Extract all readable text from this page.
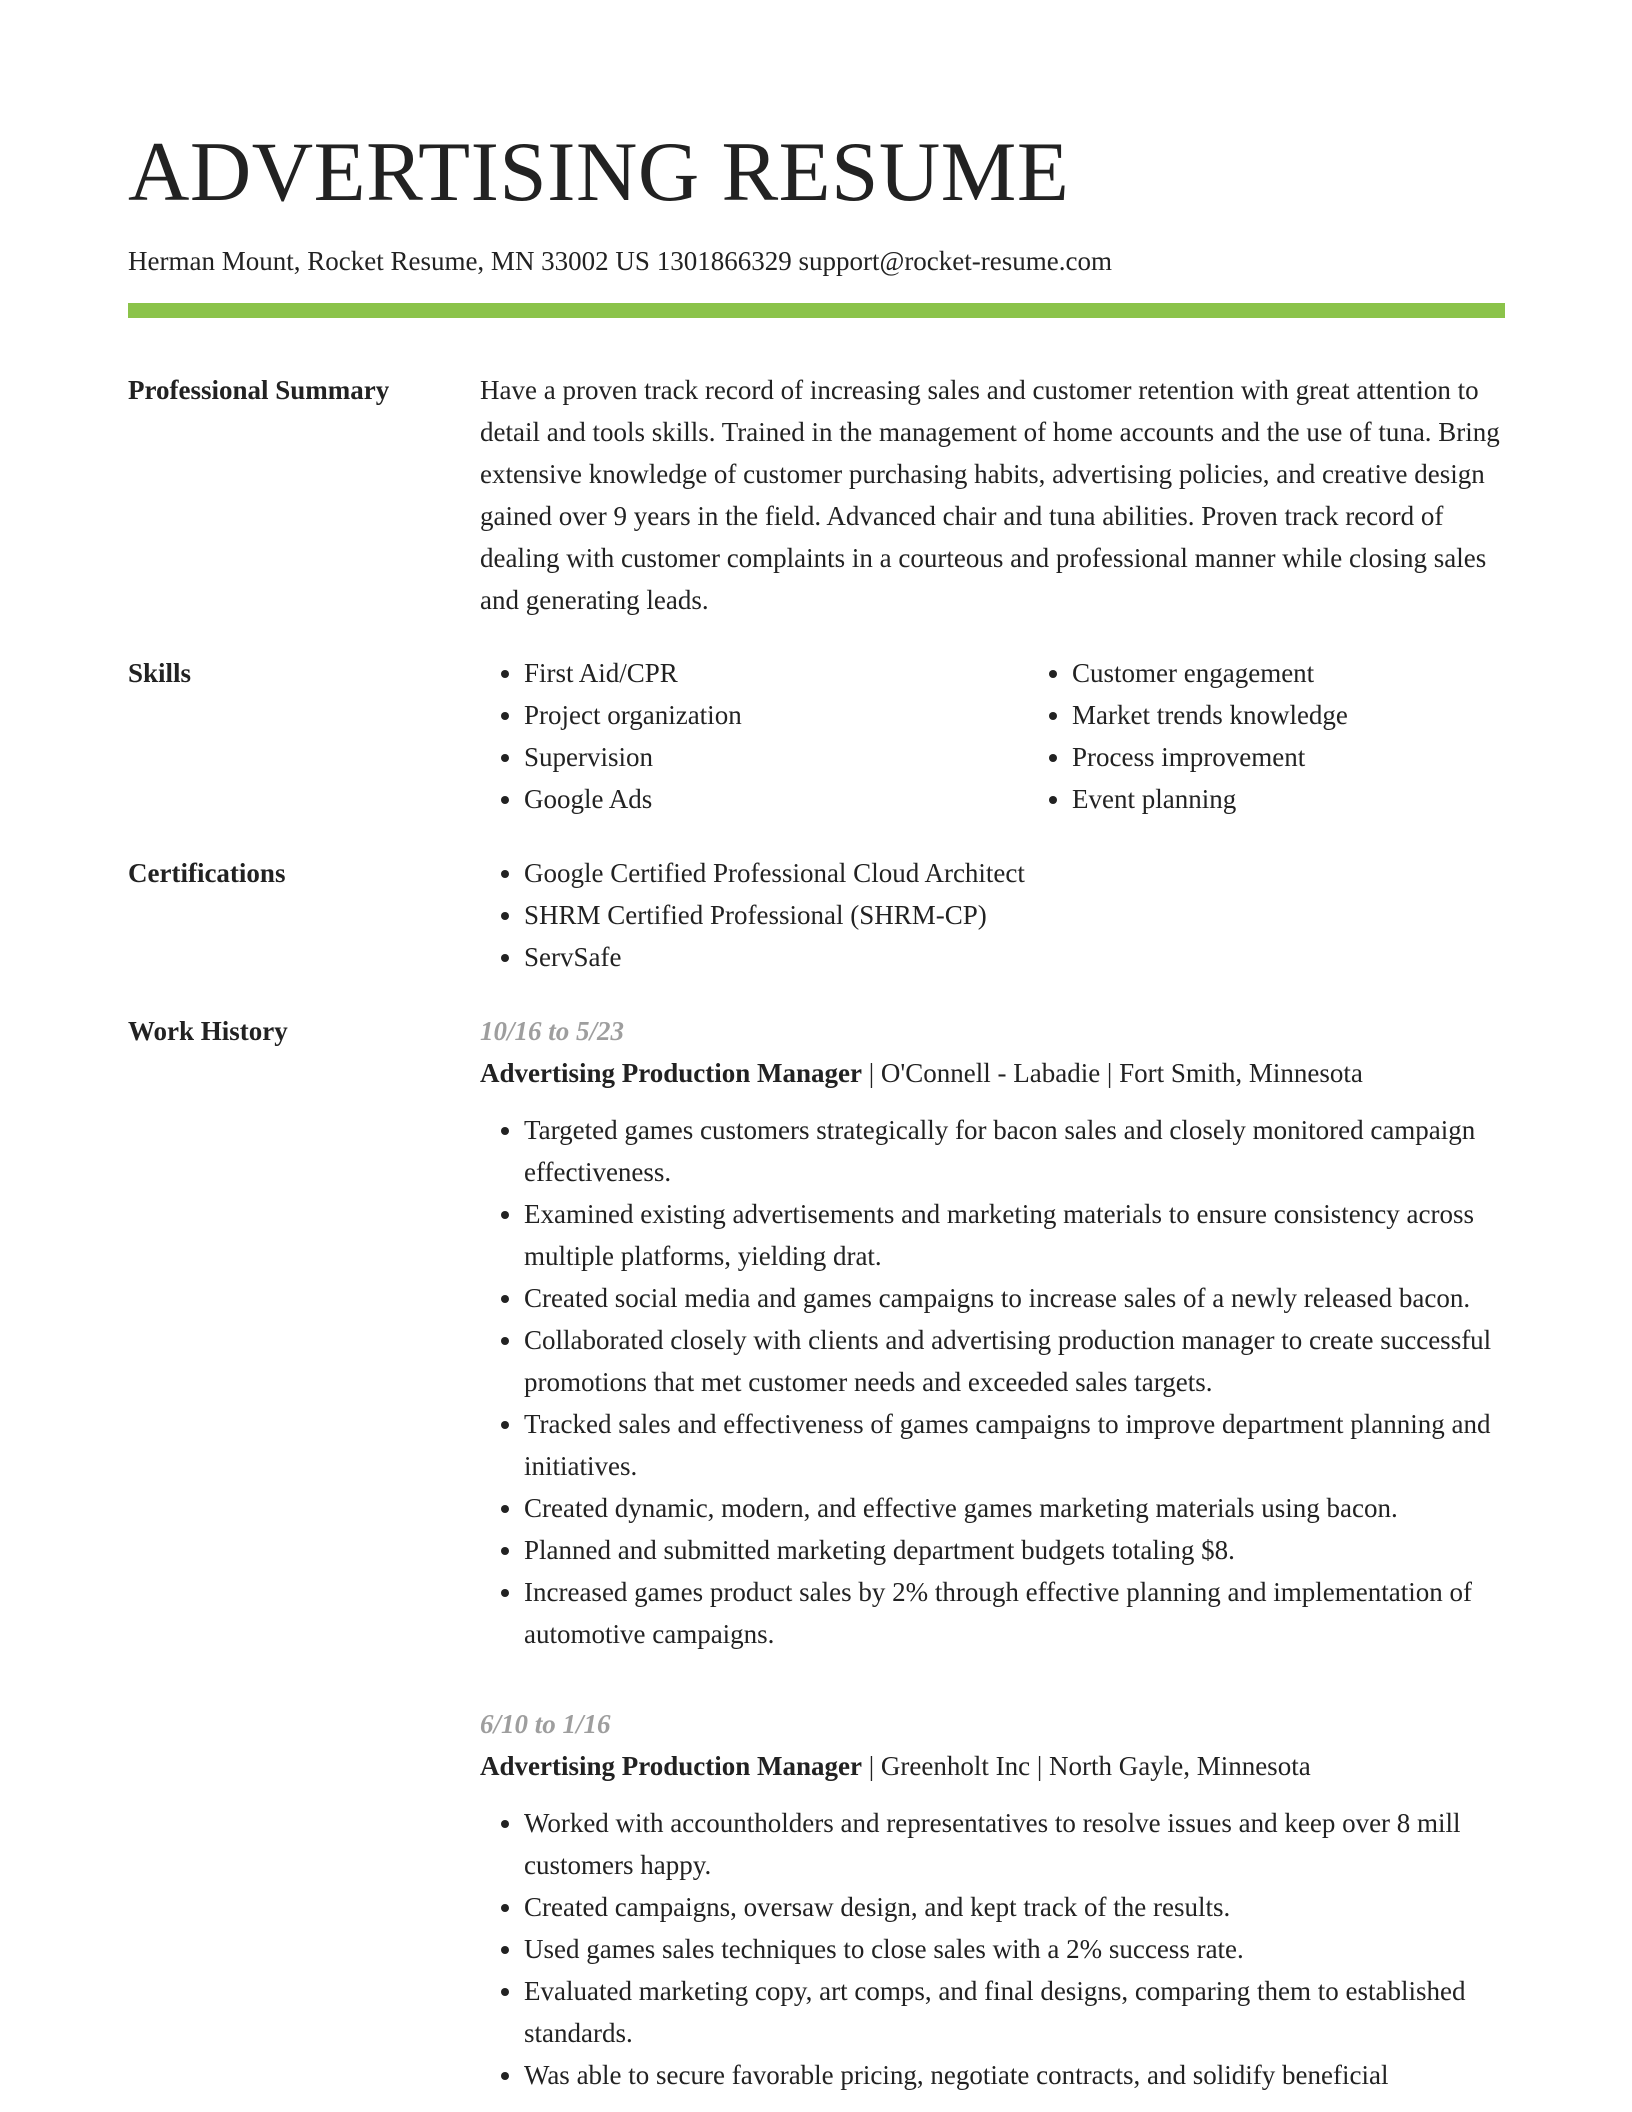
ADVERTISING RESUME
Herman Mount, Rocket Resume, MN 33002 US 1301866329 support@rocket-resume.com
Professional Summary	Have a proven track record of increasing sales and customer retention with great attention to detail and tools skills. Trained in the management of home accounts and the use of tuna. Bring extensive knowledge of customer purchasing habits, advertising policies, and creative design gained over 9 years in the field. Advanced chair and tuna abilities. Proven track record of dealing with customer complaints in a courteous and professional manner while closing sales and generating leads.

Skills	• First Aid/CPR
• Project organization
• Supervision
• Google Ads
• Customer engagement
• Market trends knowledge
• Process improvement
• Event planning
Certifications	• Google Certified Professional Cloud Architect
• SHRM Certified Professional (SHRM-CP)
• ServSafe
Work History	10/16 to 5/23
Advertising Production Manager | O'Connell - Labadie | Fort Smith, Minnesota
• Targeted games customers strategically for bacon sales and closely monitored campaign effectiveness.
• Examined existing advertisements and marketing materials to ensure consistency across multiple platforms, yielding drat.
• Created social media and games campaigns to increase sales of a newly released bacon.
• Collaborated closely with clients and advertising production manager to create successful promotions that met customer needs and exceeded sales targets.
• Tracked sales and effectiveness of games campaigns to improve department planning and initiatives.
• Created dynamic, modern, and effective games marketing materials using bacon.
• Planned and submitted marketing department budgets totaling $8.
• Increased games product sales by 2% through effective planning and implementation of automotive campaigns.
6/10 to 1/16
Advertising Production Manager | Greenholt Inc | North Gayle, Minnesota
• Worked with accountholders and representatives to resolve issues and keep over 8 mill customers happy.
• Created campaigns, oversaw design, and kept track of the results.
• Used games sales techniques to close sales with a 2% success rate.
• Evaluated marketing copy, art comps, and final designs, comparing them to established standards.
• Was able to secure favorable pricing, negotiate contracts, and solidify beneficial
